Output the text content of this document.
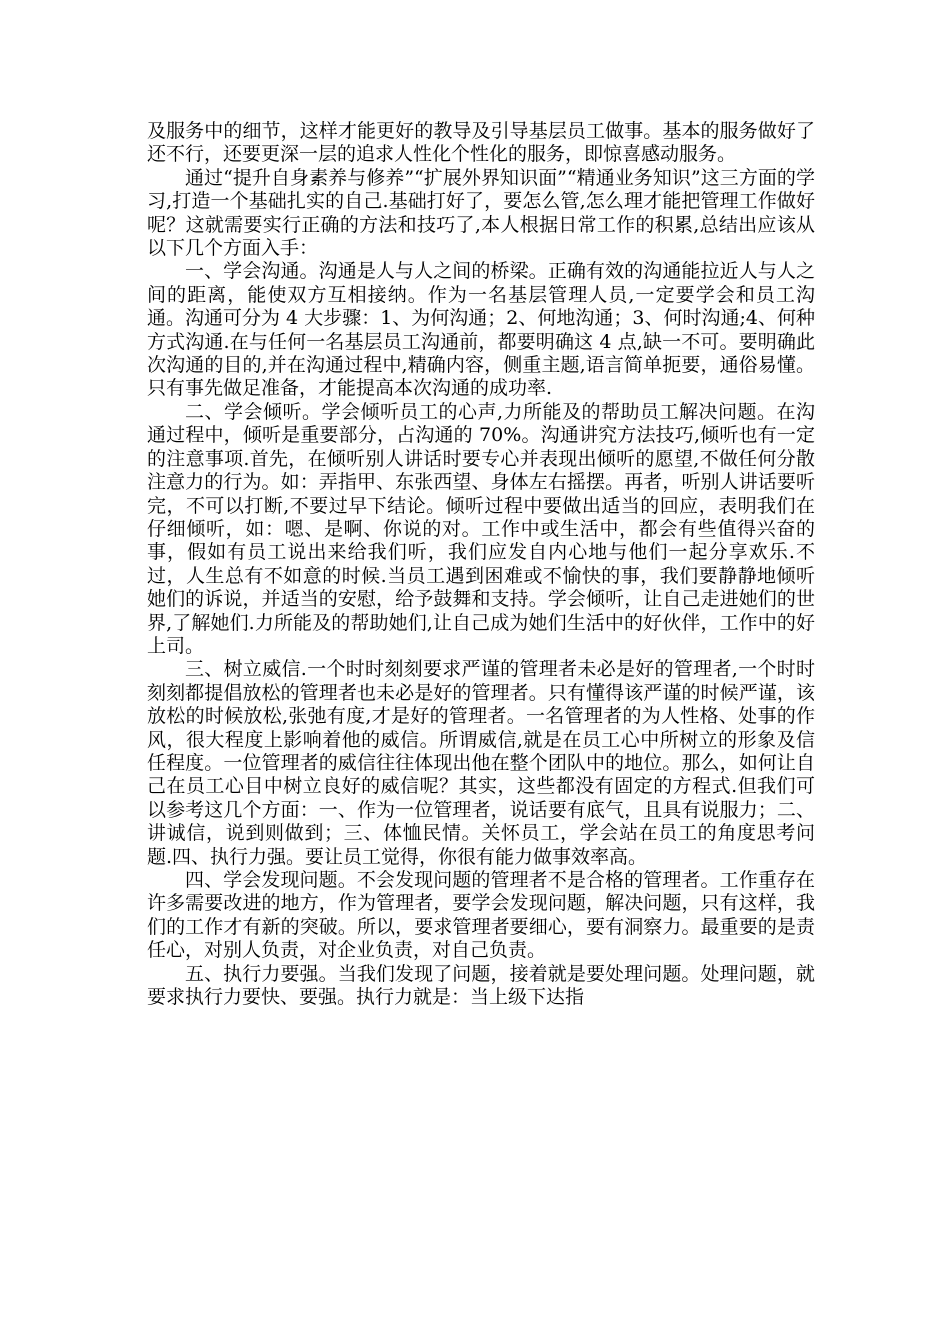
及服务中的细节，这样才能更好的教导及引导基层员工做事。基本的服务做好了还不行，还要更深一层的追求人性化个性化的服务，即惊喜感动服务。

通过“提升自身素养与修养”“扩展外界知识面”“精通业务知识”这三方面的学习,打造一个基础扎实的自己.基础打好了，要怎么管,怎么理才能把管理工作做好呢？这就需要实行正确的方法和技巧了,本人根据日常工作的积累,总结出应该从以下几个方面入手：

一、学会沟通。沟通是人与人之间的桥梁。正确有效的沟通能拉近人与人之间的距离，能使双方互相接纳。作为一名基层管理人员,一定要学会和员工沟通。沟通可分为 4 大步骤：1、为何沟通；2、何地沟通；3、何时沟通;4、何种方式沟通.在与任何一名基层员工沟通前，都要明确这 4 点,缺一不可。要明确此次沟通的目的,并在沟通过程中,精确内容，侧重主题,语言简单扼要，通俗易懂。只有事先做足准备，才能提高本次沟通的成功率.

二、学会倾听。学会倾听员工的心声,力所能及的帮助员工解决问题。在沟通过程中，倾听是重要部分，占沟通的 70%。沟通讲究方法技巧,倾听也有一定的注意事项.首先，在倾听别人讲话时要专心并表现出倾听的愿望,不做任何分散注意力的行为。如：弄指甲、东张西望、身体左右摇摆。再者，听别人讲话要听完，不可以打断,不要过早下结论。倾听过程中要做出适当的回应，表明我们在仔细倾听，如：嗯、是啊、你说的对。工作中或生活中，都会有些值得兴奋的事，假如有员工说出来给我们听，我们应发自内心地与他们一起分享欢乐.不过，人生总有不如意的时候.当员工遇到困难或不愉快的事，我们要静静地倾听她们的诉说，并适当的安慰，给予鼓舞和支持。学会倾听，让自己走进她们的世界,了解她们.力所能及的帮助她们,让自己成为她们生活中的好伙伴，工作中的好上司。

三、树立威信.一个时时刻刻要求严谨的管理者未必是好的管理者,一个时时刻刻都提倡放松的管理者也未必是好的管理者。只有懂得该严谨的时候严谨，该放松的时候放松,张弛有度,才是好的管理者。一名管理者的为人性格、处事的作风，很大程度上影响着他的威信。所谓威信,就是在员工心中所树立的形象及信任程度。一位管理者的威信往往体现出他在整个团队中的地位。那么，如何让自己在员工心目中树立良好的威信呢？其实，这些都没有固定的方程式.但我们可以参考这几个方面：一、作为一位管理者，说话要有底气，且具有说服力；二、讲诚信，说到则做到；三、体恤民情。关怀员工，学会站在员工的角度思考问题.四、执行力强。要让员工觉得，你很有能力做事效率高。

四、学会发现问题。不会发现问题的管理者不是合格的管理者。工作重存在许多需要改进的地方，作为管理者，要学会发现问题，解决问题，只有这样，我们的工作才有新的突破。所以，要求管理者要细心，要有洞察力。最重要的是责任心，对别人负责，对企业负责，对自己负责。

五、执行力要强。当我们发现了问题，接着就是要处理问题。处理问题，就要求执行力要快、要强。执行力就是：当上级下达指
